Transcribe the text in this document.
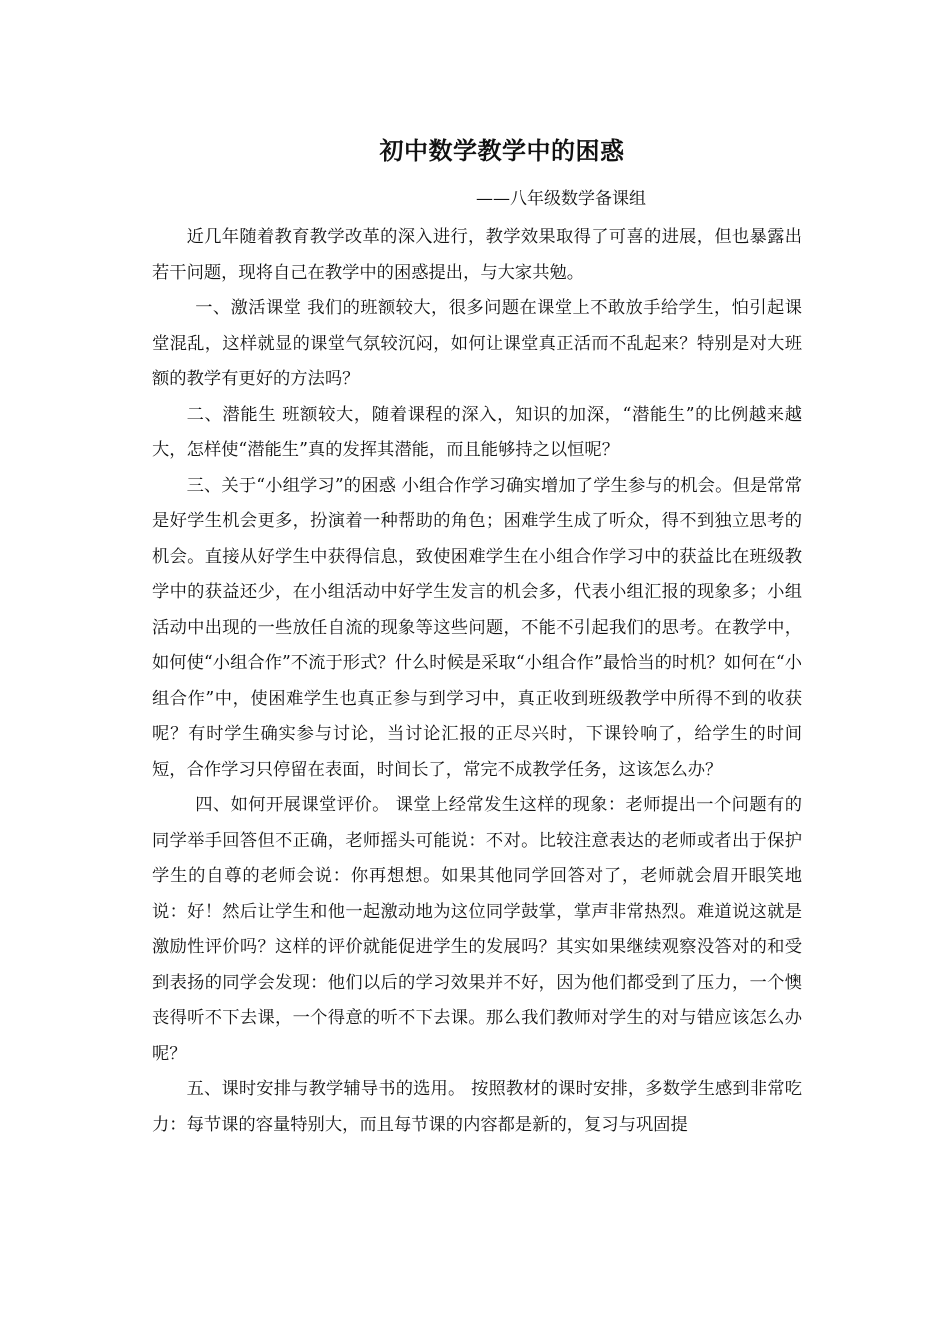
初中数学教学中的困惑

——八年级数学备课组

近几年随着教育教学改革的深入进行，教学效果取得了可喜的进展，但也暴露出若干问题，现将自己在教学中的困惑提出，与大家共勉。

一、激活课堂 我们的班额较大，很多问题在课堂上不敢放手给学生，怕引起课堂混乱，这样就显的课堂气氛较沉闷，如何让课堂真正活而不乱起来？特别是对大班额的教学有更好的方法吗？

二、潜能生 班额较大，随着课程的深入，知识的加深，“潜能生”的比例越来越大，怎样使“潜能生”真的发挥其潜能，而且能够持之以恒呢？

三、关于“小组学习”的困惑 小组合作学习确实增加了学生参与的机会。但是常常是好学生机会更多，扮演着一种帮助的角色；困难学生成了听众，得不到独立思考的机会。直接从好学生中获得信息，致使困难学生在小组合作学习中的获益比在班级教学中的获益还少，在小组活动中好学生发言的机会多，代表小组汇报的现象多；小组活动中出现的一些放任自流的现象等这些问题，不能不引起我们的思考。在教学中，如何使“小组合作”不流于形式？什么时候是采取“小组合作”最恰当的时机？如何在“小组合作”中，使困难学生也真正参与到学习中，真正收到班级教学中所得不到的收获呢？有时学生确实参与讨论，当讨论汇报的正尽兴时，下课铃响了，给学生的时间短，合作学习只停留在表面，时间长了，常完不成教学任务，这该怎么办？

四、如何开展课堂评价。 课堂上经常发生这样的现象：老师提出一个问题有的同学举手回答但不正确，老师摇头可能说：不对。比较注意表达的老师或者出于保护学生的自尊的老师会说：你再想想。如果其他同学回答对了，老师就会眉开眼笑地说：好！然后让学生和他一起激动地为这位同学鼓掌，掌声非常热烈。难道说这就是激励性评价吗？这样的评价就能促进学生的发展吗？其实如果继续观察没答对的和受到表扬的同学会发现：他们以后的学习效果并不好，因为他们都受到了压力，一个懊丧得听不下去课，一个得意的听不下去课。那么我们教师对学生的对与错应该怎么办呢？

五、课时安排与教学辅导书的选用。 按照教材的课时安排，多数学生感到非常吃力：每节课的容量特别大，而且每节课的内容都是新的，复习与巩固提
